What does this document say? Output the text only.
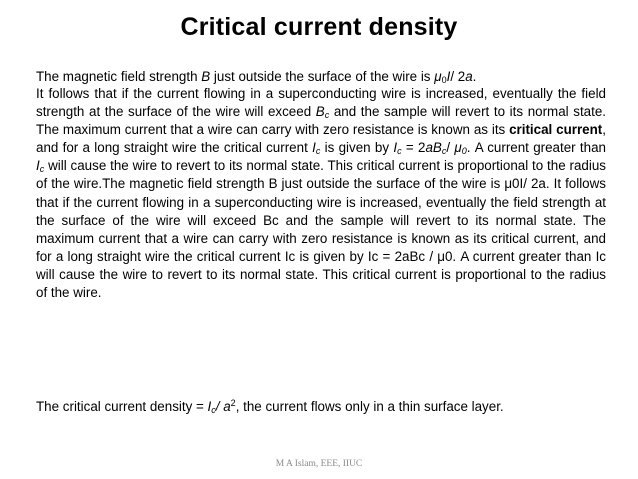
Critical current density
The magnetic field strength B just outside the surface of the wire is $\mu_0I/$ 2a.

It follows that if the current flowing in a superconducting wire is increased, eventually the field strength at the surface of the wire will exceed $B_c$ and the sample will revert to its normal state. The maximum current that a wire can carry with zero resistance is known as its critical current, and for a long straight wire the critical current $I_c$ is given by $I_c = 2aB_c/$ $\mu_0$. A current greater than $I_c$ will cause the wire to revert to its normal state. This critical current is proportional to the radius of the wire.The magnetic field strength B just outside the surface of the wire is μ0I/ 2a. It follows that if the current flowing in a superconducting wire is increased, eventually the field strength at the surface of the wire will exceed Bc and the sample will revert to its normal state. The maximum current that a wire can carry with zero resistance is known as its critical current, and for a long straight wire the critical current Ic is given by Ic = 2aBc / μ0. A current greater than Ic will cause the wire to revert to its normal state. This critical current is proportional to the radius of the wire.

The critical current density = $I_c/$ $a^2$, the current flows only in a thin surface layer.
M A Islam, EEE, IIUC
